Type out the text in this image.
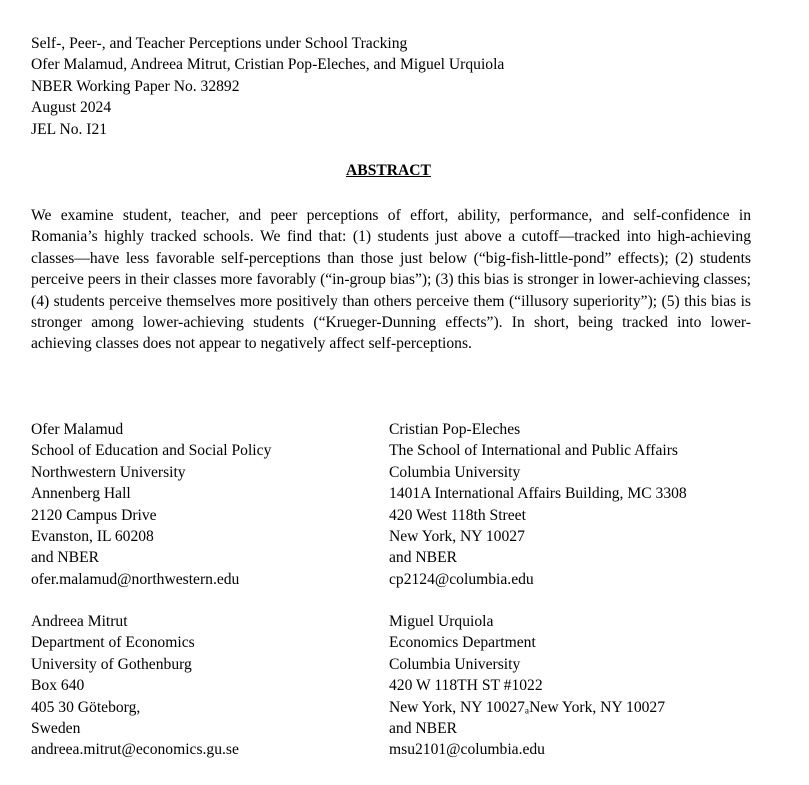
Self-, Peer-, and Teacher Perceptions under School Tracking
Ofer Malamud, Andreea Mitrut, Cristian Pop-Eleches, and Miguel Urquiola
NBER Working Paper No. 32892
August 2024
JEL No. I21
ABSTRACT
We examine student, teacher, and peer perceptions of effort, ability, performance, and self-confidence in Romania’s highly tracked schools. We find that: (1) students just above a cutoff—tracked into high-achieving classes—have less favorable self-perceptions than those just below (“big-fish-little-pond” effects); (2) students perceive peers in their classes more favorably (“in-group bias”); (3) this bias is stronger in lower-achieving classes; (4) students perceive themselves more positively than others perceive them (“illusory superiority”); (5) this bias is stronger among lower-achieving students (“Krueger-Dunning effects”). In short, being tracked into lower-achieving classes does not appear to negatively affect self-perceptions.
Ofer Malamud
School of Education and Social Policy
Northwestern University
Annenberg Hall
2120 Campus Drive
Evanston, IL 60208
and NBER
ofer.malamud@northwestern.edu
Cristian Pop-Eleches
The School of International and Public Affairs
Columbia University
1401A International Affairs Building, MC 3308
420 West 118th Street
New York, NY 10027
and NBER
cp2124@columbia.edu
Andreea Mitrut
Department of Economics
University of Gothenburg
Box 640
405 30 Göteborg,
Sweden
andreea.mitrut@economics.gu.se
Miguel Urquiola
Economics Department
Columbia University
420 W 118TH ST #1022
New York, NY 10027ₐNew York, NY 10027
and NBER
msu2101@columbia.edu
